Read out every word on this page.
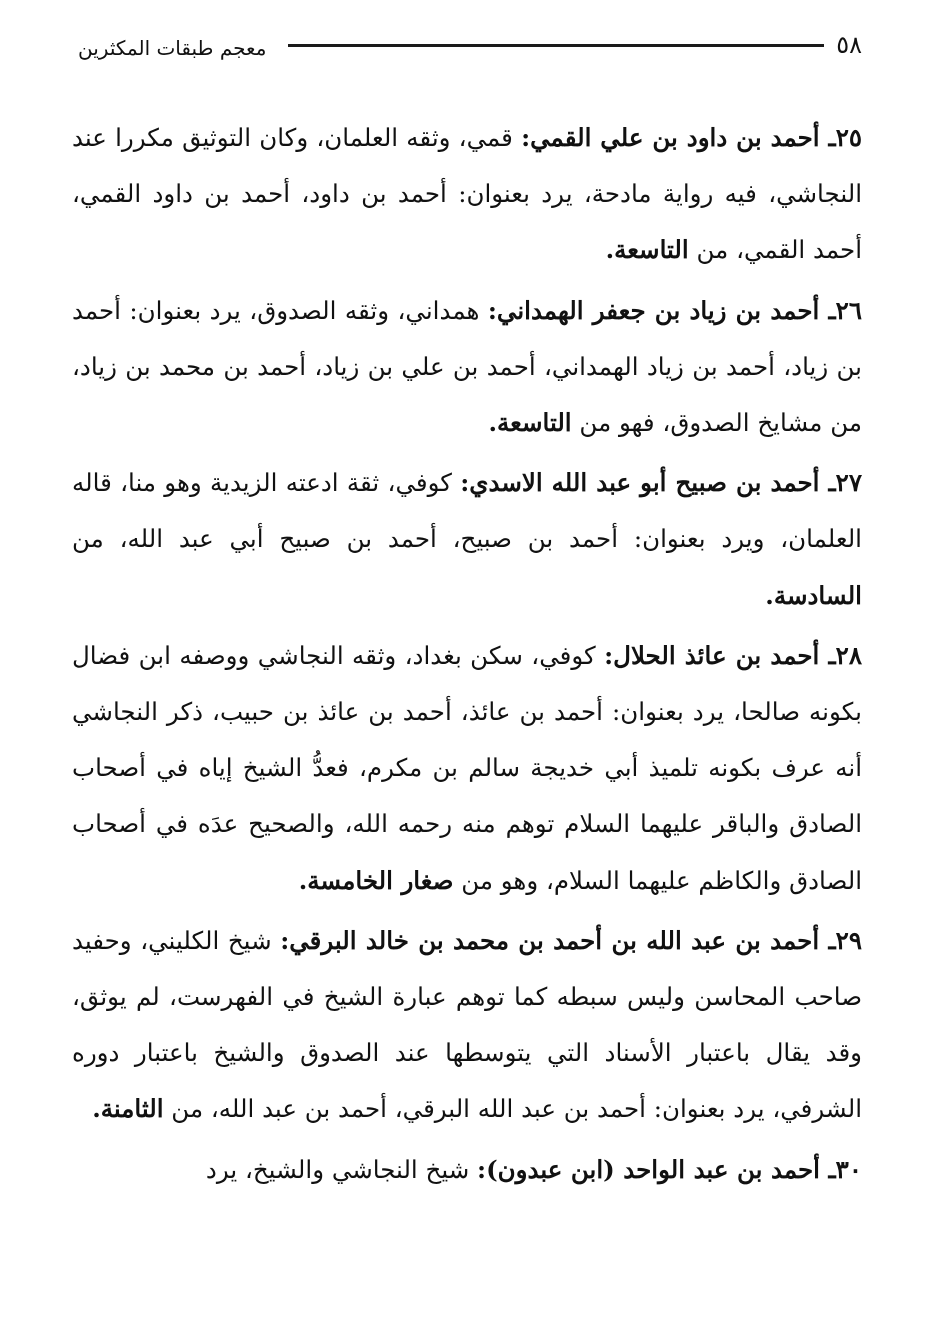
٥٨
معجم طبقات المكثرين

٢٥ـ أحمد بن داود بن علي القمي: قمي، وثقه العلمان، وكان التوثيق مكررا عند النجاشي، فيه رواية مادحة، يرد بعنوان: أحمد بن داود، أحمد بن داود القمي، أحمد القمي، من التاسعة.

٢٦ـ أحمد بن زياد بن جعفر الهمداني: همداني، وثقه الصدوق، يرد بعنوان: أحمد بن زياد، أحمد بن زياد الهمداني، أحمد بن علي بن زياد، أحمد بن محمد بن زياد، من مشايخ الصدوق، فهو من التاسعة.

٢٧ـ أحمد بن صبيح أبو عبد الله الاسدي: كوفي، ثقة ادعته الزيدية وهو منا، قاله العلمان، ويرد بعنوان: أحمد بن صبيح، أحمد بن صبيح أبي عبد الله، من السادسة.

٢٨ـ أحمد بن عائذ الحلال: كوفي، سكن بغداد، وثقه النجاشي ووصفه ابن فضال بكونه صالحا، يرد بعنوان: أحمد بن عائذ، أحمد بن عائذ بن حبيب، ذكر النجاشي أنه عرف بكونه تلميذ أبي خديجة سالم بن مكرم، فعدُّ الشيخ إياه في أصحاب الصادق والباقر عليهما السلام توهم منه رحمه الله، والصحيح عدَه في أصحاب الصادق والكاظم عليهما السلام، وهو من صغار الخامسة.

٢٩ـ أحمد بن عبد الله بن أحمد بن محمد بن خالد البرقي: شيخ الكليني، وحفيد صاحب المحاسن وليس سبطه كما توهم عبارة الشيخ في الفهرست، لم يوثق، وقد يقال باعتبار الأسناد التي يتوسطها عند الصدوق والشيخ باعتبار دوره الشرفي، يرد بعنوان: أحمد بن عبد الله البرقي، أحمد بن عبد الله، من الثامنة.

٣٠ـ أحمد بن عبد الواحد (ابن عبدون): شيخ النجاشي والشيخ، يرد
